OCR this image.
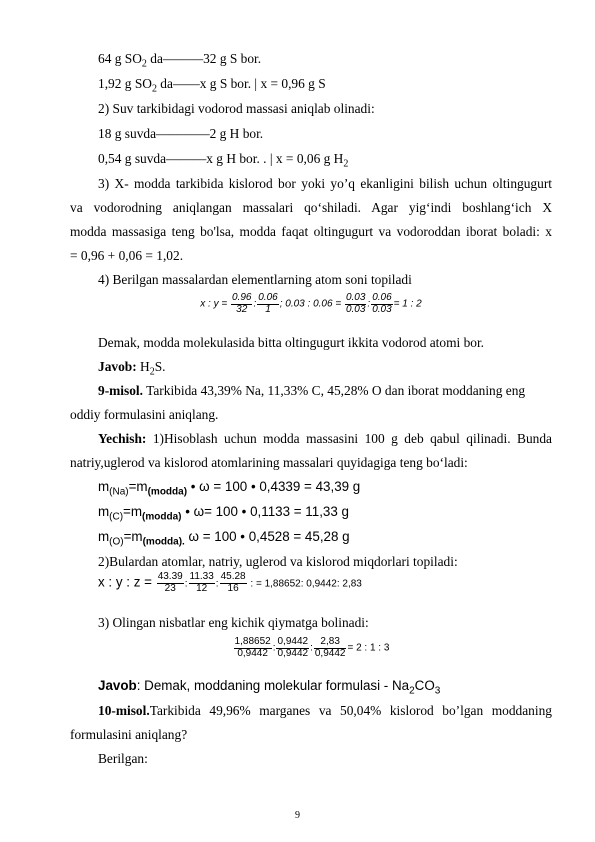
64 g $SO_2$ da———32 g S bor.
1,92 g $SO_2$ da——x g S bor. | x = 0,96 g S
2) Suv tarkibidagi vodorod massasi aniqlab olinadi:
18 g suvda————2 g H bor.
0,54 g suvda———x g H bor. . | x = 0,06 g $H_2$
3) X- modda tarkibida kislorod bor yoki yo’q ekanligini bilish uchun oltingugurt
va vodorodning aniqlangan massalari qo‘shiladi. Agar yig‘indi boshlang‘ich X
modda massasiga teng bo'lsa, modda faqat oltingugurt va vodoroddan iborat boladi: x
= 0,96 + 0,06 = 1,02.
4) Berilgan massalardan elementlarning atom soni topiladi
x : $y = \frac{0.96}{32}$ : $\frac{0.06}{1}$ ; 0.03 : $0.06 = \frac{0.03}{0.03}$ : $\frac{0.06}{0.03} = 1$ : 2
Demak, modda molekulasida bitta oltingugurt ikkita vodorod atomi bor.
Javob: $H_2S$.
9-misol. Tarkibida 43,39% Na, 11,33% C, 45,28% O dan iborat moddaning eng
oddiy formulasini aniqlang.
Yechish: 1)Hisoblash uchun modda massasini 100 g deb qabul qilinadi. Bunda
natriy,uglerod va kislorod atomlarining massalari quyidagiga teng bo‘ladi:
$m_{(Na)}=m_{(modda)}$ • ω = 100 • 0,4339 = 43,39 g
$m_{(C)}=m_{(modda)}$ • ω= 100 • 0,1133 = 11,33 g
$m_{(O)}=m_{(modda).}$ ω = 100 • 0,4528 = 45,28 g
2)Bulardan atomlar, natriy, uglerod va kislorod miqdorlari topiladi:
x : y : $z = \frac{43.39}{23}$ : $\frac{11.33}{12}$ : $\frac{45.28}{16}$ : = 1,88652: 0,9442: 2,83
3) Olingan nisbatlar eng kichik qiymatga bolinadi:
$\frac{1,88652}{0,9442}$ : $\frac{0,9442}{0,9442}$ : $\frac{2,83}{0,9442} = 2$ : 1 : 3
Javob: Demak, moddaning molekular formulasi - $Na_2CO_3$
10-misol.Tarkibida 49,96% marganes va 50,04% kislorod bo’lgan moddaning
formulasini aniqlang?
Berilgan:
9
